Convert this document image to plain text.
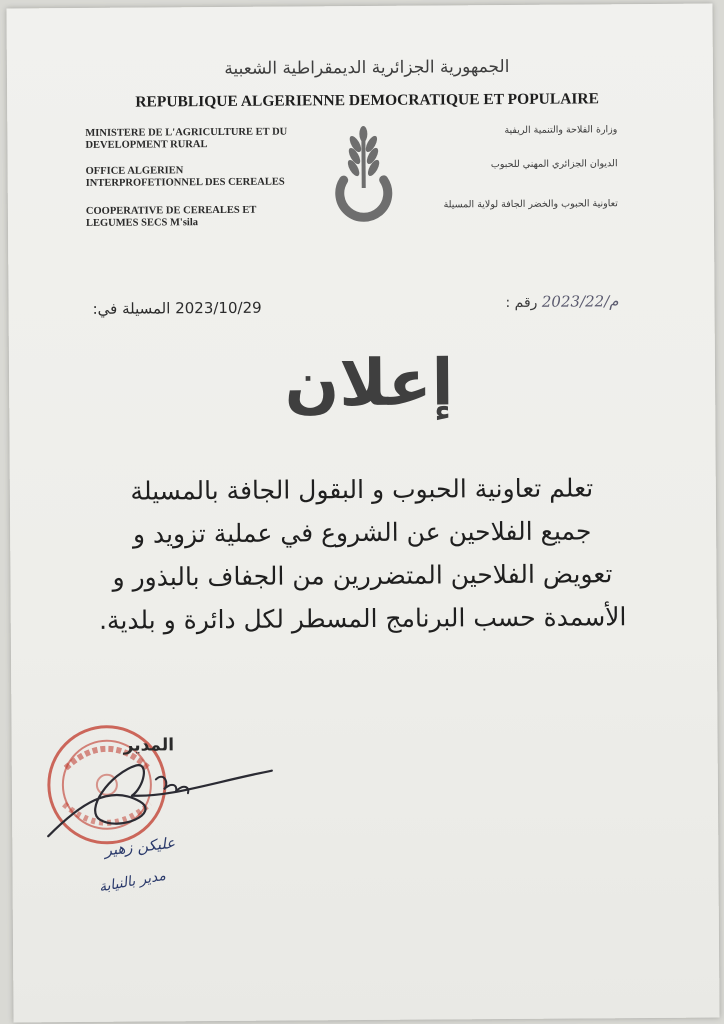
الجمهورية الجزائرية الديمقراطية الشعبية
REPUBLIQUE ALGERIENNE DEMOCRATIQUE ET POPULAIRE
MINISTERE DE L'AGRICULTURE ET DU
DEVELOPMENT RURAL
OFFICE ALGERIEN
INTERPROFETIONNEL DES CEREALES
COOPERATIVE DE CEREALES ET
LEGUMES SECS M'sila
وزارة الفلاحة والتنمية الريفية
الديوان الجزائري المهني للحبوب
تعاونية الحبوب والخضر الجافة لولاية المسيلة
المسيلة في: 2023/10/29	رقم : 2023/22/م
إعلان
تعلم تعاونية الحبوب و البقول الجافة بالمسيلة
جميع الفلاحين عن الشروع في عملية تزويد و
تعويض الفلاحين المتضررين من الجفاف بالبذور و
الأسمدة حسب البرنامج المسطر لكل دائرة و بلدية.
المدير
عليكن زهير
مدير بالنيابة
